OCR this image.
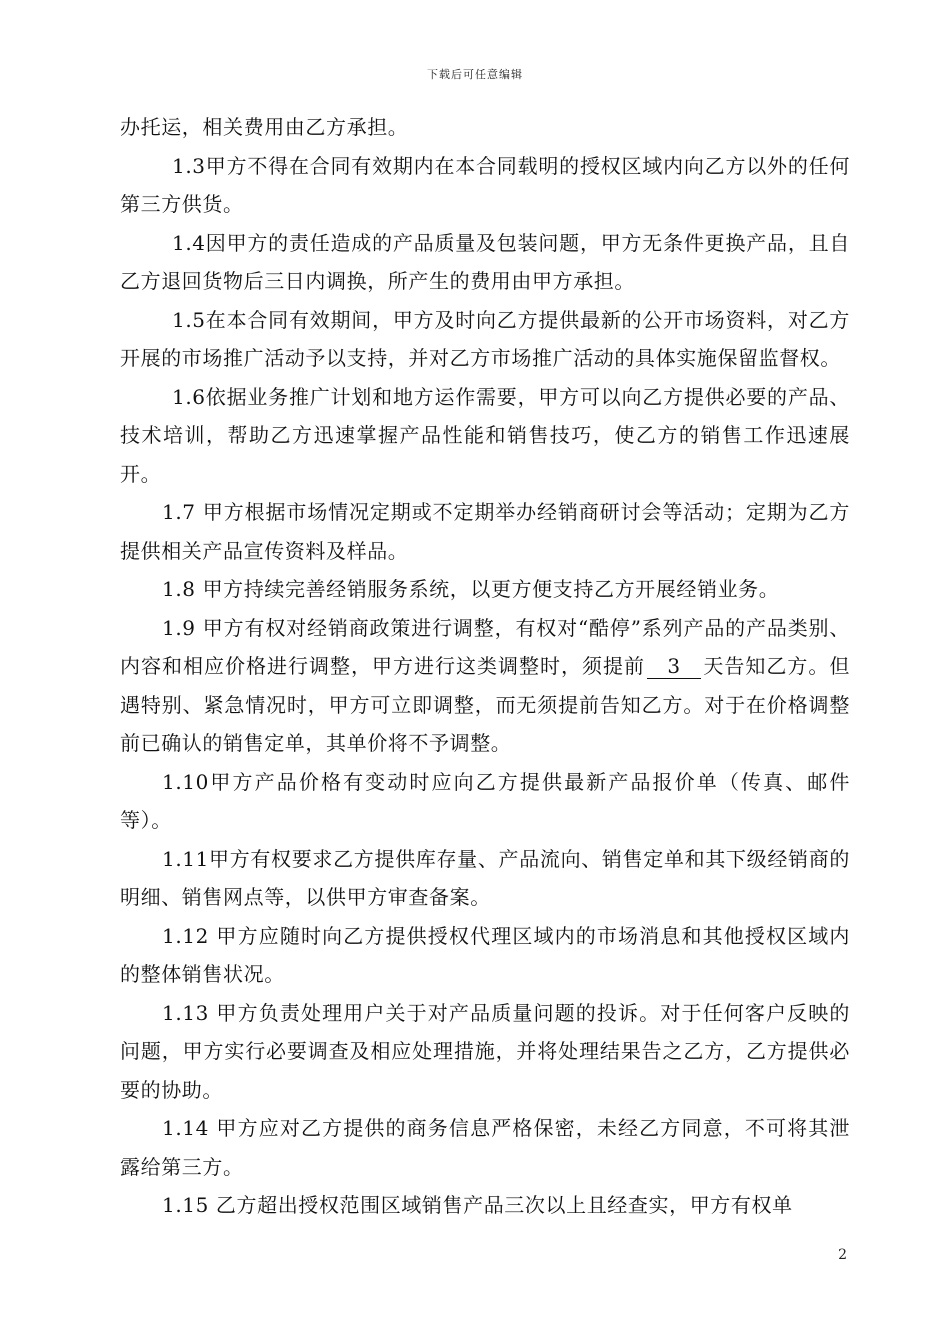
下载后可任意编辑

办托运，相关费用由乙方承担。

1.3甲方不得在合同有效期内在本合同载明的授权区域内向乙方以外的任何第三方供货。

1.4因甲方的责任造成的产品质量及包装问题，甲方无条件更换产品，且自乙方退回货物后三日内调换，所产生的费用由甲方承担。

1.5在本合同有效期间，甲方及时向乙方提供最新的公开市场资料，对乙方开展的市场推广活动予以支持，并对乙方市场推广活动的具体实施保留监督权。

1.6依据业务推广计划和地方运作需要，甲方可以向乙方提供必要的产品、技术培训，帮助乙方迅速掌握产品性能和销售技巧，使乙方的销售工作迅速展开。

1.7 甲方根据市场情况定期或不定期举办经销商研讨会等活动；定期为乙方提供相关产品宣传资料及样品。

1.8 甲方持续完善经销服务系统，以更方便支持乙方开展经销业务。

1.9 甲方有权对经销商政策进行调整，有权对“酷停”系列产品的产品类别、内容和相应价格进行调整，甲方进行这类调整时，须提前 3 天告知乙方。但遇特别、紧急情况时，甲方可立即调整，而无须提前告知乙方。对于在价格调整前已确认的销售定单，其单价将不予调整。

1.10甲方产品价格有变动时应向乙方提供最新产品报价单（传真、邮件等）。

1.11甲方有权要求乙方提供库存量、产品流向、销售定单和其下级经销商的明细、销售网点等，以供甲方审查备案。

1.12 甲方应随时向乙方提供授权代理区域内的市场消息和其他授权区域内的整体销售状况。

1.13 甲方负责处理用户关于对产品质量问题的投诉。对于任何客户反映的问题，甲方实行必要调查及相应处理措施，并将处理结果告之乙方，乙方提供必要的协助。

1.14 甲方应对乙方提供的商务信息严格保密，未经乙方同意，不可将其泄露给第三方。

1.15 乙方超出授权范围区域销售产品三次以上且经查实，甲方有权单

2
